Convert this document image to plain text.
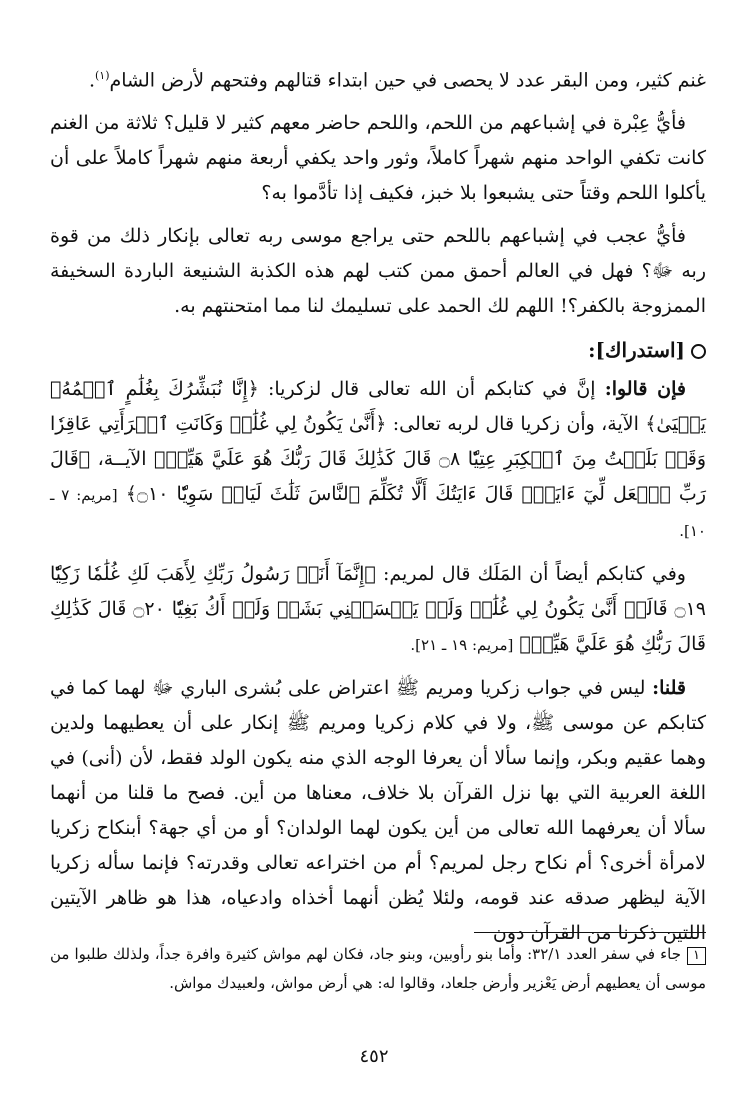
غنم كثير، ومن البقر عدد لا يحصى في حين ابتداء قتالهم وفتحهم لأرض الشام$^{(١)}$.

فأيُّ عِبْرة في إشباعهم من اللحم، واللحم حاضر معهم كثير لا قليل؟ ثلاثة من الغنم كانت تكفي الواحد منهم شهراً كاملاً، وثور واحد يكفي أربعة منهم شهراً كاملاً على أن يأكلوا اللحم وقتاً حتى يشبعوا بلا خبز، فكيف إذا تأدَّموا به؟

فأيُّ عجب في إشباعهم باللحم حتى يراجع موسى ربه تعالى بإنكار ذلك من قوة ربه ﷻ؟ فهل في العالم أحمق ممن كتب لهم هذه الكذبة الشنيعة الباردة السخيفة الممزوجة بالكفر؟! اللهم لك الحمد على تسليمك لنا مما امتحنتهم به.

[استدراك]:

فإن قالوا: إنَّ في كتابكم أن الله تعالى قال لزكريا: ﴿إِنَّا نُبَشِّرُكَ بِغُلَٰمٍ ٱسۡمُهُۥ يَحۡيَىٰ﴾ الآية، وأن زكريا قال لربه تعالى: ﴿أَنَّىٰ يَكُونُ لِي غُلَٰمٞ وَكَانَتِ ٱمۡرَأَتِي عَاقِرٗا وَقَدۡ بَلَغۡتُ مِنَ ٱلۡكِبَرِ عِتِيّٗا ۝٨ قَالَ كَذَٰلِكَ قَالَ رَبُّكَ هُوَ عَلَيَّ هَيِّنٞ﴾ الآيــة، ﴿قَالَ رَبِّ ٱجۡعَل لِّيٓ ءَايَةٗۚ قَالَ ءَايَتُكَ أَلَّا تُكَلِّمَ ٱلنَّاسَ ثَلَٰثَ لَيَالٖ سَوِيّٗا ۝١٠﴾ [مريم: ٧ ـ ١٠].

وفي كتابكم أيضاً أن المَلَك قال لمريم: ﴿إِنَّمَآ أَنَا۠ رَسُولُ رَبِّكِ لِأَهَبَ لَكِ غُلَٰمٗا زَكِيّٗا ۝١٩ قَالَتۡ أَنَّىٰ يَكُونُ لِي غُلَٰمٞ وَلَمۡ يَمۡسَسۡنِي بَشَرٞ وَلَمۡ أَكُ بَغِيّٗا ۝٢٠ قَالَ كَذَٰلِكِ قَالَ رَبُّكِ هُوَ عَلَيَّ هَيِّنٞ﴾ [مريم: ١٩ ـ ٢١].

قلنا: ليس في جواب زكريا ومريم ﷺ اعتراض على بُشرى الباري ﷻ لهما كما في كتابكم عن موسى ﷺ، ولا في كلام زكريا ومريم ﷺ إنكار على أن يعطيهما ولدين وهما عقيم وبكر، وإنما سألا أن يعرفا الوجه الذي منه يكون الولد فقط، لأن (أنى) في اللغة العربية التي بها نزل القرآن بلا خلاف، معناها من أين. فصح ما قلنا من أنهما سألا أن يعرفهما الله تعالى من أين يكون لهما الولدان؟ أو من أي جهة؟ أبنكاح زكريا لامرأة أخرى؟ أم نكاح رجل لمريم؟ أم من اختراعه تعالى وقدرته؟ فإنما سأله زكريا الآية ليظهر صدقه عند قومه، ولئلا يُظن أنهما أخذاه وادعياه، هذا هو ظاهر الآيتين اللتين ذكرنا من القرآن دون

١جاء في سفر العدد ٣٢/١: وأما بنو رأوبين، وبنو جاد، فكان لهم مواش كثيرة وافرة جداً، ولذلك طلبوا من موسى أن يعطيهم أرض يَعْزير وأرض جلعاد، وقالوا له: هي أرض مواش، ولعبيدك مواش.
٤٥٢
